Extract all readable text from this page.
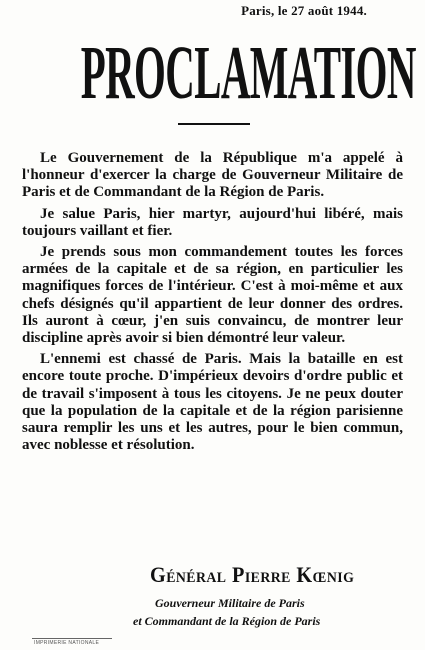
Paris, le 27 août 1944.
PROCLAMATION

Le Gouvernement de la République m'a appelé à l'honneur d'exercer la charge de Gouverneur Militaire de Paris et de Commandant de la Région de Paris.

Je salue Paris, hier martyr, aujourd'hui libéré, mais toujours vaillant et fier.

Je prends sous mon commandement toutes les forces armées de la capitale et de sa région, en particulier les magnifiques forces de l'intérieur. C'est à moi-même et aux chefs désignés qu'il appartient de leur donner des ordres. Ils auront à cœur, j'en suis convaincu, de montrer leur discipline après avoir si bien démontré leur valeur.

L'ennemi est chassé de Paris. Mais la bataille en est encore toute proche. D'impérieux devoirs d'ordre public et de travail s'imposent à tous les citoyens. Je ne peux douter que la population de la capitale et de la région parisienne saura remplir les uns et les autres, pour le bien commun, avec noblesse et résolution.

Général Pierre Kœnig
Gouverneur Militaire de Paris
et Commandant de la Région de Paris
IMPRIMERIE NATIONALE
